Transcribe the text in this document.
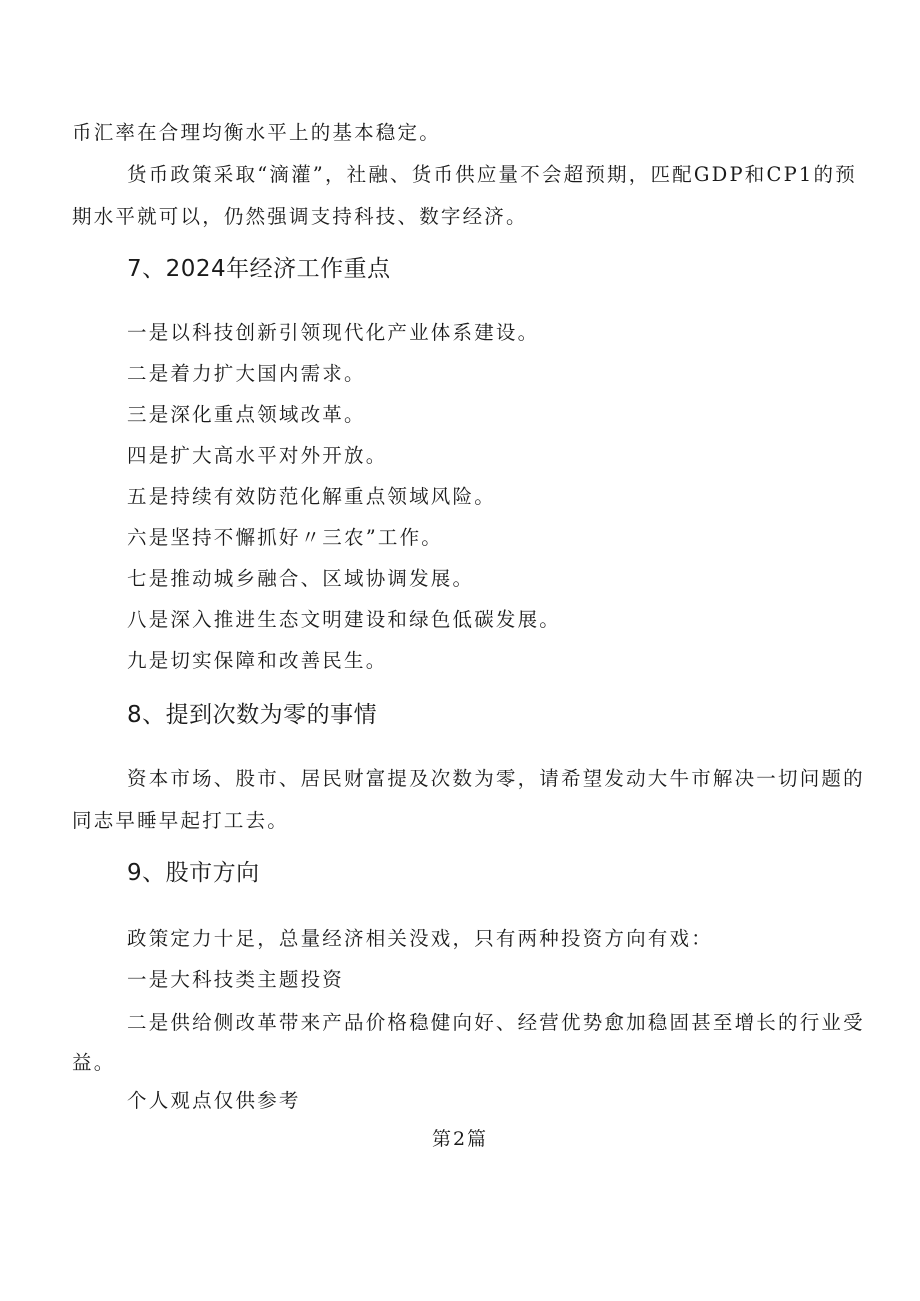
币汇率在合理均衡水平上的基本稳定。

货币政策采取“滴灌”，社融、货币供应量不会超预期，匹配GDP和CP1的预

期水平就可以，仍然强调支持科技、数字经济。

7、2024年经济工作重点

一是以科技创新引领现代化产业体系建设。

二是着力扩大国内需求。

三是深化重点领域改革。

四是扩大高水平对外开放。

五是持续有效防范化解重点领域风险。

六是坚持不懈抓好〃三农”工作。

七是推动城乡融合、区域协调发展。

八是深入推进生态文明建设和绿色低碳发展。

九是切实保障和改善民生。

8、提到次数为零的事情

资本市场、股市、居民财富提及次数为零，请希望发动大牛市解决一切问题的

同志早睡早起打工去。

9、股市方向

政策定力十足，总量经济相关没戏，只有两种投资方向有戏：

一是大科技类主题投资

二是供给侧改革带来产品价格稳健向好、经营优势愈加稳固甚至增长的行业受

益。

个人观点仅供参考

第2篇
